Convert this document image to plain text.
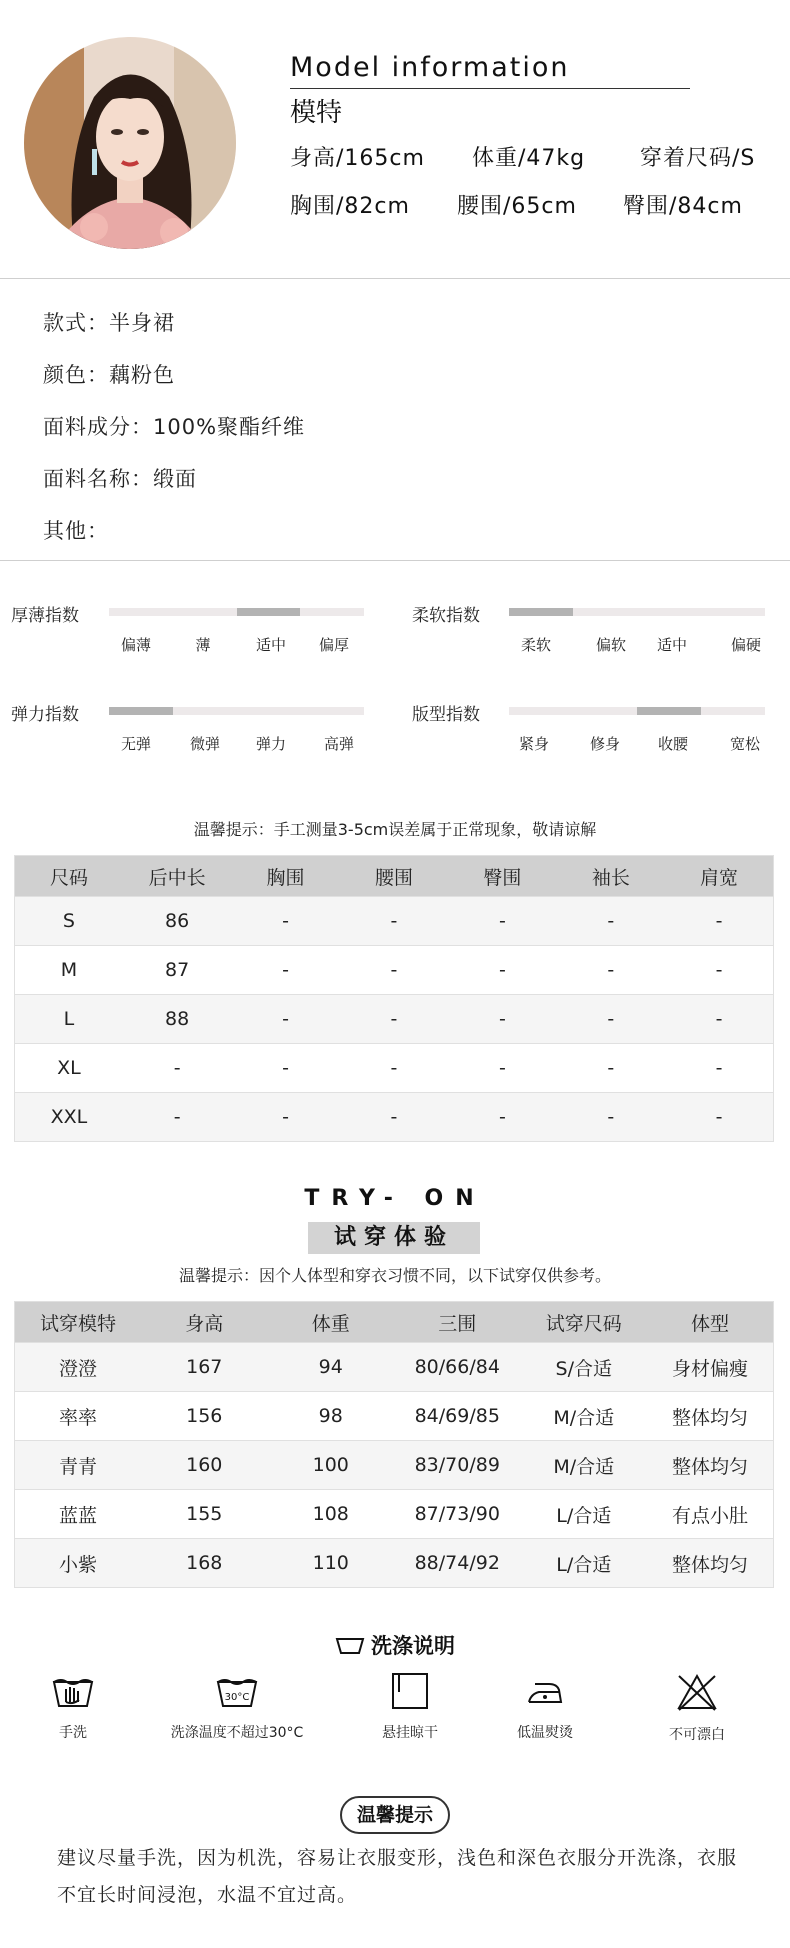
Model information
模特
身高/165cm 体重/47kg 穿着尺码/S
胸围/82cm 腰围/65cm 臀围/84cm
款式：半身裙
颜色：藕粉色
面料成分：100%聚酯纤维
面料名称：缎面
其他：
厚薄指数
偏薄	薄	适中 偏厚
柔软指数
柔软	偏软 适中	偏硬
弹力指数
无弹	微弹 弹力	高弹
版型指数
紧身	修身	收腰	宽松
温馨提示：手工测量3-5cm误差属于正常现象，敬请谅解
尺码	后中长	胸围	腰围	臀围	袖长	肩宽
S	86	-	-	-	-	-
M	87	-	-	-	-	-
L	88	-	-	-	-	-
XL	-	-	-	-	-	-
XXL	-	-	-	-	-	-
TRY- ON
试穿体验
温馨提示：因个人体型和穿衣习惯不同，以下试穿仅供参考。
试穿模特	身高	体重	三围	试穿尺码	体型
澄澄	167	94	80/66/84	S/合适	身材偏瘦
率率	156	98	84/69/85	M/合适	整体均匀
青青	160	100	83/70/89	M/合适	整体均匀
蓝蓝	155	108	87/73/90	L/合适	有点小肚
小紫	168	110	88/74/92	L/合适	整体均匀
洗涤说明
手洗
30°C
洗涤温度不超过30°C	悬挂晾干	低温熨烫	不可漂白
温馨提示
建议尽量手洗，因为机洗，容易让衣服变形，浅色和深色衣服分开洗涤，衣服不宜长时间浸泡，水温不宜过高。
